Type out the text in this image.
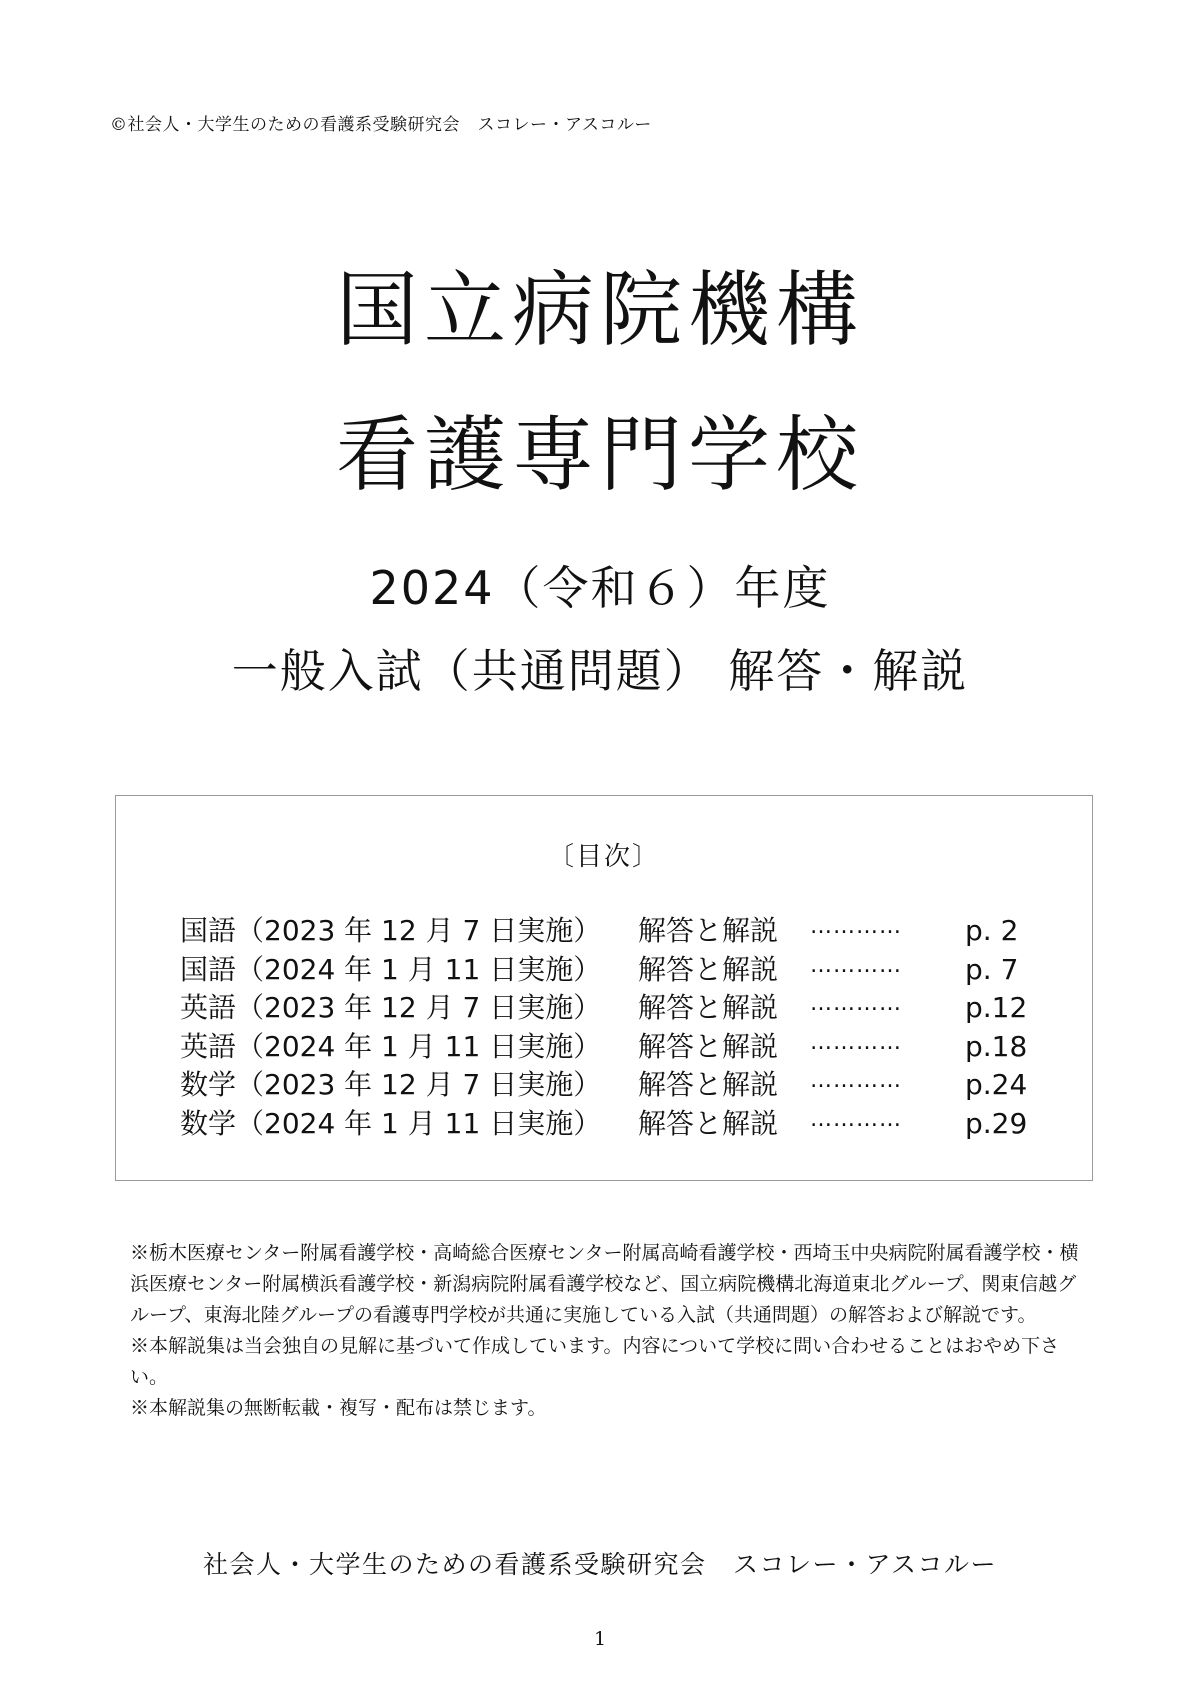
©社会人・大学生のための看護系受験研究会　スコレー・アスコルー
国立病院機構
看護専門学校
2024（令和６）年度
一般入試（共通問題） 解答・解説
〔目次〕
国語（2023 年 12 月 7 日実施） 解答と解説 ………… p. 2
国語（2024 年 1 月 11 日実施） 解答と解説 ………… p. 7
英語（2023 年 12 月 7 日実施） 解答と解説 ………… p.12
英語（2024 年 1 月 11 日実施） 解答と解説 ………… p.18
数学（2023 年 12 月 7 日実施） 解答と解説 ………… p.24
数学（2024 年 1 月 11 日実施） 解答と解説 ………… p.29

※栃木医療センター附属看護学校・高崎総合医療センター附属高崎看護学校・西埼玉中央病院附属看護学校・横浜医療センター附属横浜看護学校・新潟病院附属看護学校など、国立病院機構北海道東北グループ、関東信越グループ、東海北陸グループの看護専門学校が共通に実施している入試（共通問題）の解答および解説です。

※本解説集は当会独自の見解に基づいて作成しています。内容について学校に問い合わせることはおやめ下さい。

※本解説集の無断転載・複写・配布は禁じます。

社会人・大学生のための看護系受験研究会　スコレー・アスコルー
1
